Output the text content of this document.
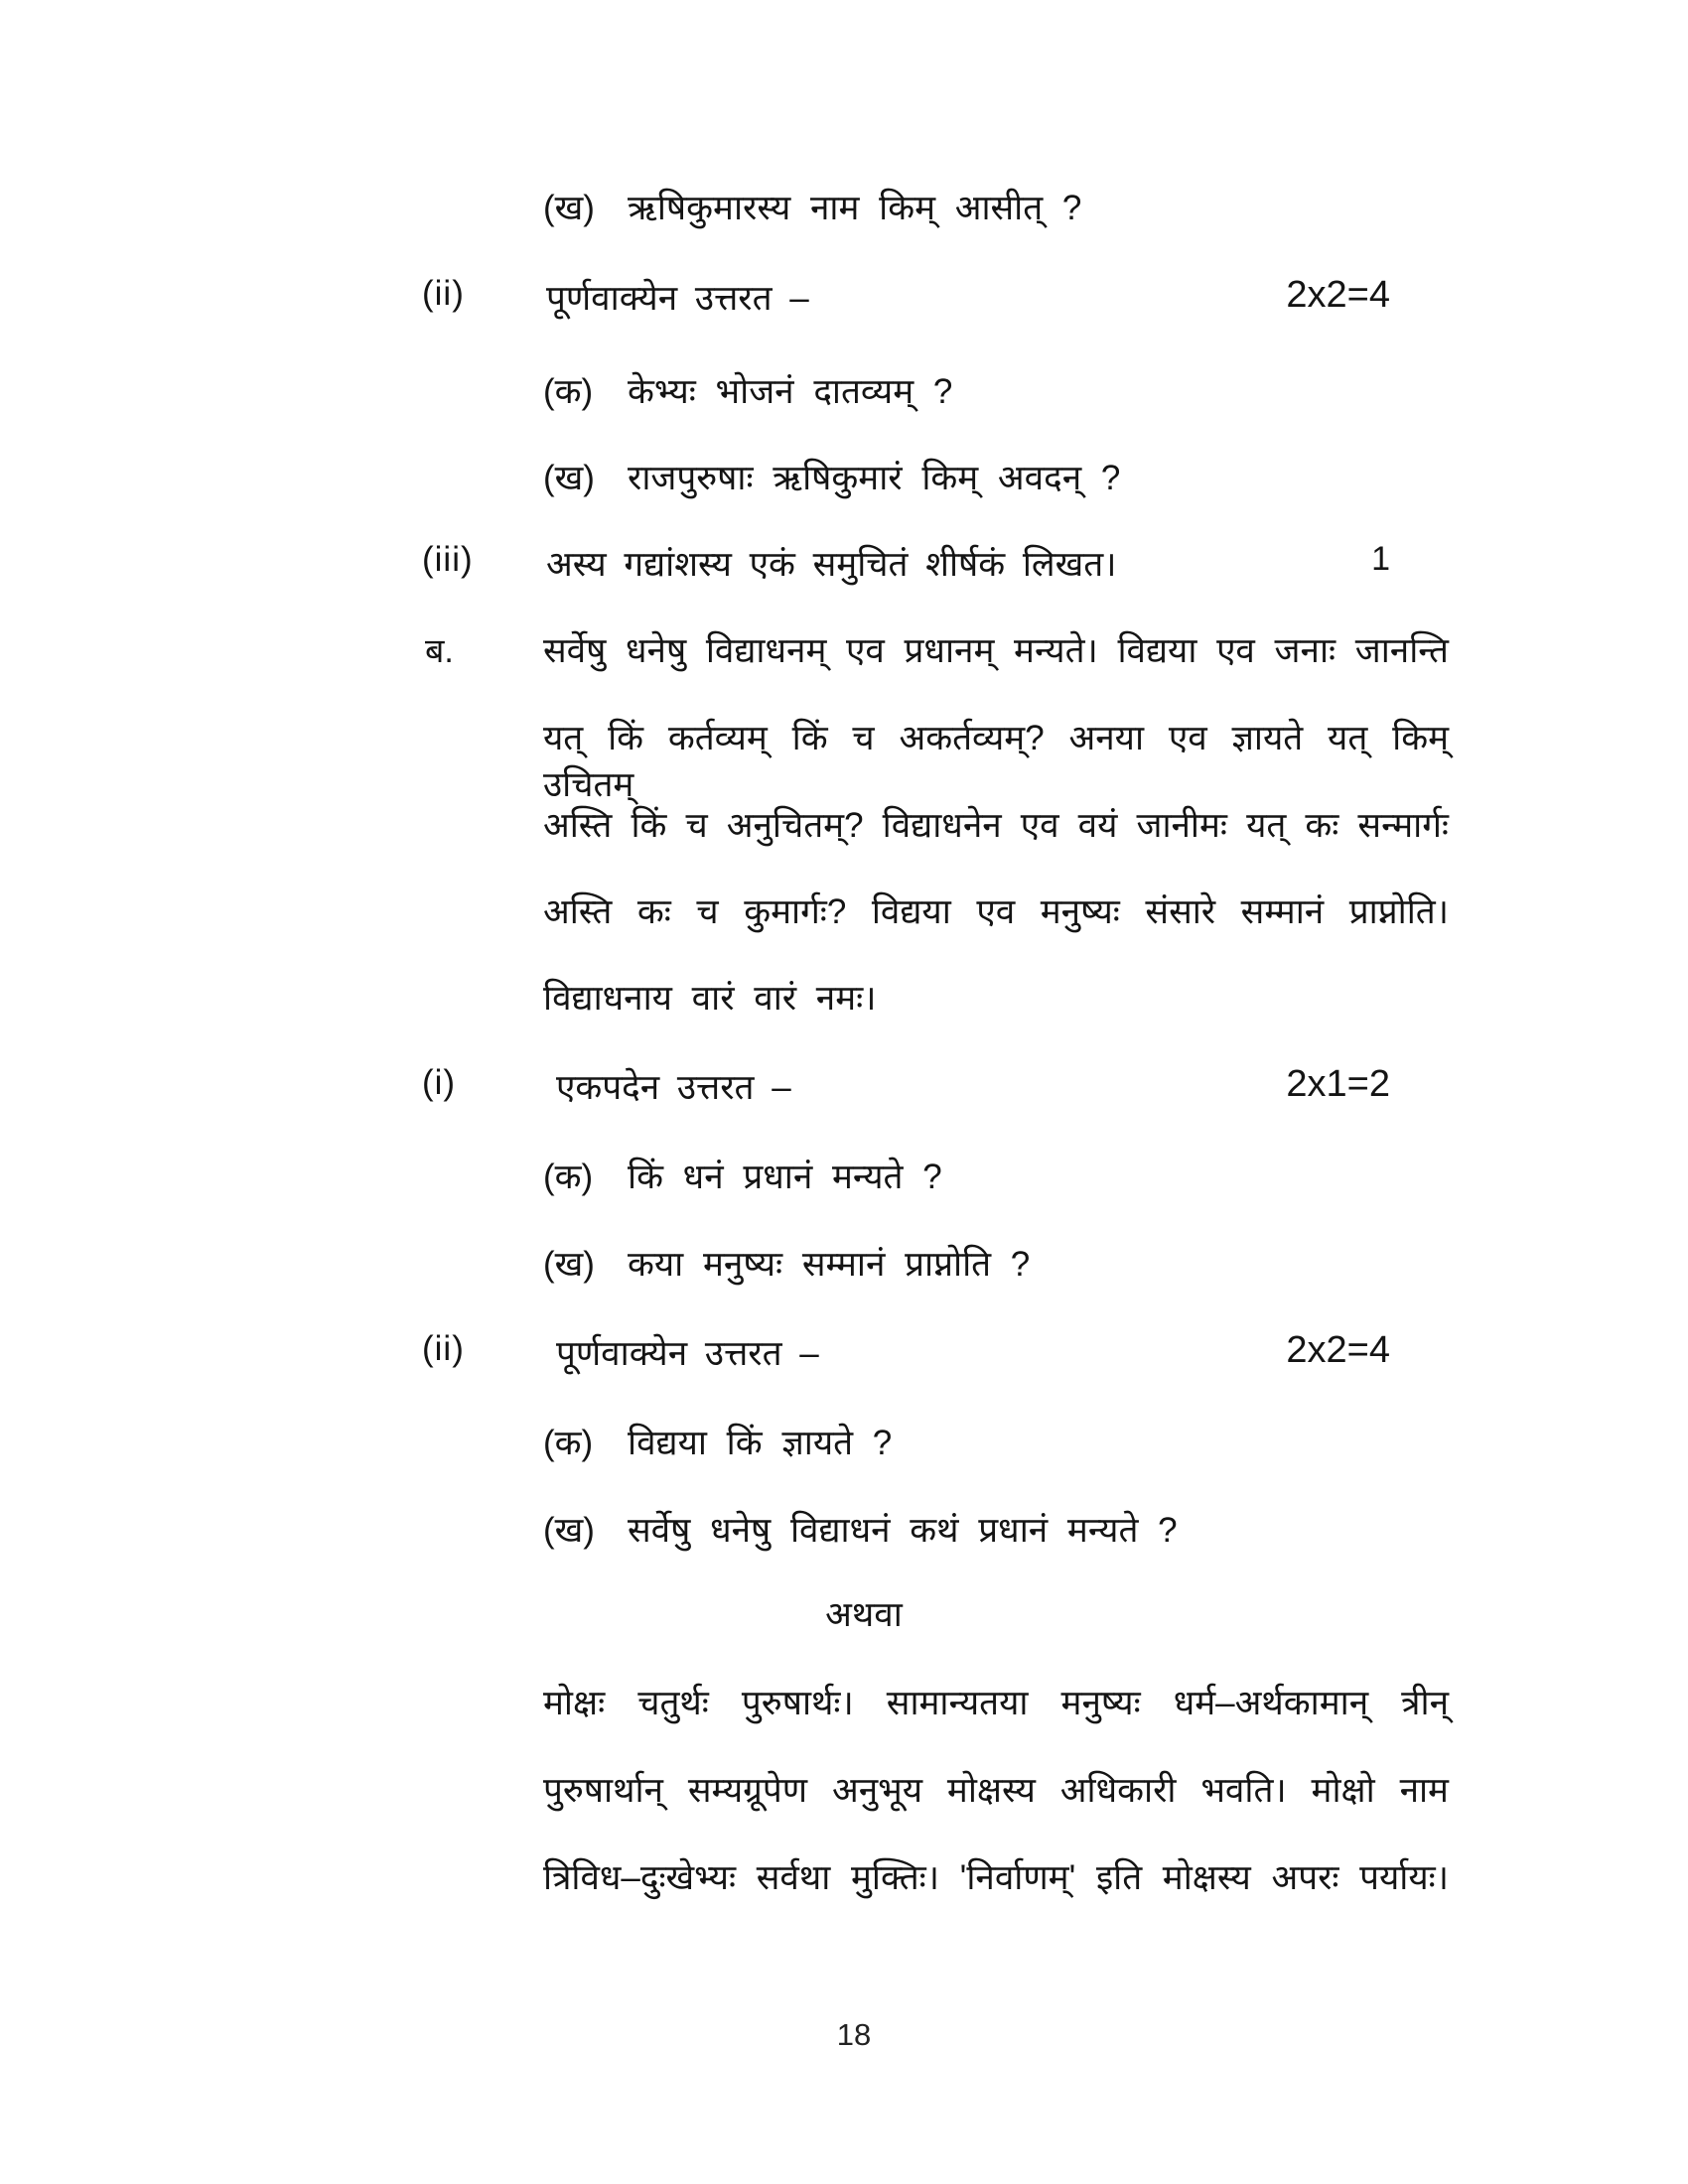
(ख) ऋषिकुमारस्य नाम किम् आसीत् ?
(ii) पूर्णवाक्येन उत्तरत –	2x2=4
(क) केभ्यः भोजनं दातव्यम् ?
(ख) राजपुरुषाः ऋषिकुमारं किम् अवदन् ?
(iii) अस्य गद्यांशस्य एकं समुचितं शीर्षकं लिखत।	1
ब.	सर्वेषु धनेषु विद्याधनम् एव प्रधानम् मन्यते। विद्यया एव जनाः जानन्ति
यत् किं कर्तव्यम् किं च अकर्तव्यम्? अनया एव ज्ञायते यत् किम् उचितम्
अस्ति किं च अनुचितम्? विद्याधनेन एव वयं जानीमः यत् कः सन्मार्गः
अस्ति कः च कुमार्गः? विद्यया एव मनुष्यः संसारे सम्मानं प्राप्नोति।
विद्याधनाय वारं वारं नमः।
(i)	एकपदेन उत्तरत –	2x1=2
(क) किं धनं प्रधानं मन्यते ?
(ख) कया मनुष्यः सम्मानं प्राप्नोति ?
(ii)	पूर्णवाक्येन उत्तरत –	2x2=4
(क) विद्यया किं ज्ञायते ?
(ख) सर्वेषु धनेषु विद्याधनं कथं प्रधानं मन्यते ?
अथवा
मोक्षः चतुर्थः पुरुषार्थः। सामान्यतया मनुष्यः धर्म–अर्थकामान् त्रीन्
पुरुषार्थान् सम्यग्रूपेण अनुभूय मोक्षस्य अधिकारी भवति। मोक्षो नाम
त्रिविध–दुःखेभ्यः सर्वथा मुक्तिः। 'निर्वाणम्' इति मोक्षस्य अपरः पर्यायः।
18
